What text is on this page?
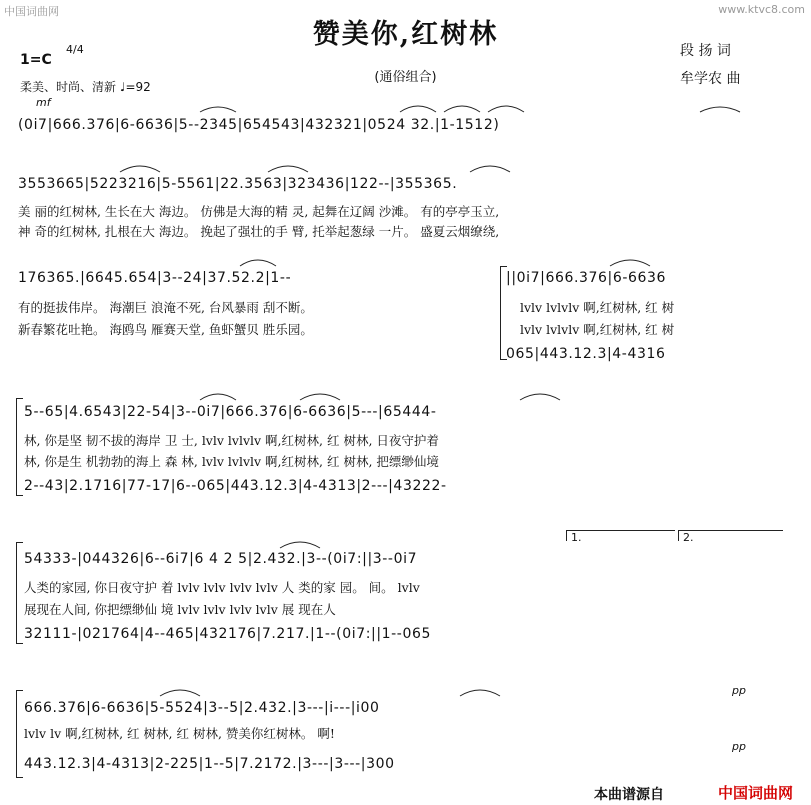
中国词曲网	www.ktvc8.com
赞美你,红树林
(通俗组合)
1=C
4/4
mf
柔美、时尚、清新 ♩=92
段 扬 词
牟学农 曲
(0i7|666.376|6-6636|5--2345|654543|432321|0524 32.|1-1512)
3553665|5223216|5-5561|22.3563|323436|122--|355365.
美 丽的红树林, 生长在大 海边。 仿佛是大海的精 灵, 起舞在辽阔 沙滩。 有的亭亭玉立,
神 奇的红树林, 扎根在大 海边。 挽起了强壮的手 臂, 托举起葱绿 一片。 盛夏云烟缭绕,
176365.|6645.654|3--24|37.52.2|1--	||0i7|666.376|6-6636
有的挺拔伟岸。 海潮巨 浪淹不死, 台风暴雨 刮不断。	lvlv lvlvlv 啊,红树林, 红 树
新春繁花吐艳。 海鸥鸟 雁赛天堂, 鱼虾蟹贝 胜乐园。	lvlv lvlvlv 啊,红树林, 红 树
065|443.12.3|4-4316
5--65|4.6543|22-54|3--0i7|666.376|6-6636|5---|65444-
林, 你是坚 韧不拔的海岸 卫 士, lvlv lvlvlv 啊,红树林, 红 树林, 日夜守护着
林, 你是生 机勃勃的海上 森 林, lvlv lvlvlv 啊,红树林, 红 树林, 把缥缈仙境
2--43|2.1716|77-17|6--065|443.12.3|4-4313|2---|43222-
1.	2.
54333-|044326|6--6i7|6 4 2 5|2.432.|3--(0i7:||3--0i7
人类的家园, 你日夜守护 着 lvlv lvlv lvlv lvlv 人 类的家 园。 间。 lvlv
展现在人间, 你把缥缈仙 境 lvlv lvlv lvlv lvlv 展 现在人
32111-|021764|4--465|432176|7.217.|1--(0i7:||1--065
666.376|6-6636|5-5524|3--5|2.432.|3---|i---|i00
pp
lvlv lv 啊,红树林, 红 树林, 红 树林, 赞美你红树林。 啊!
pp
443.12.3|4-4313|2-225|1--5|7.2172.|3---|3---|300
本曲谱源自	中国词曲网
